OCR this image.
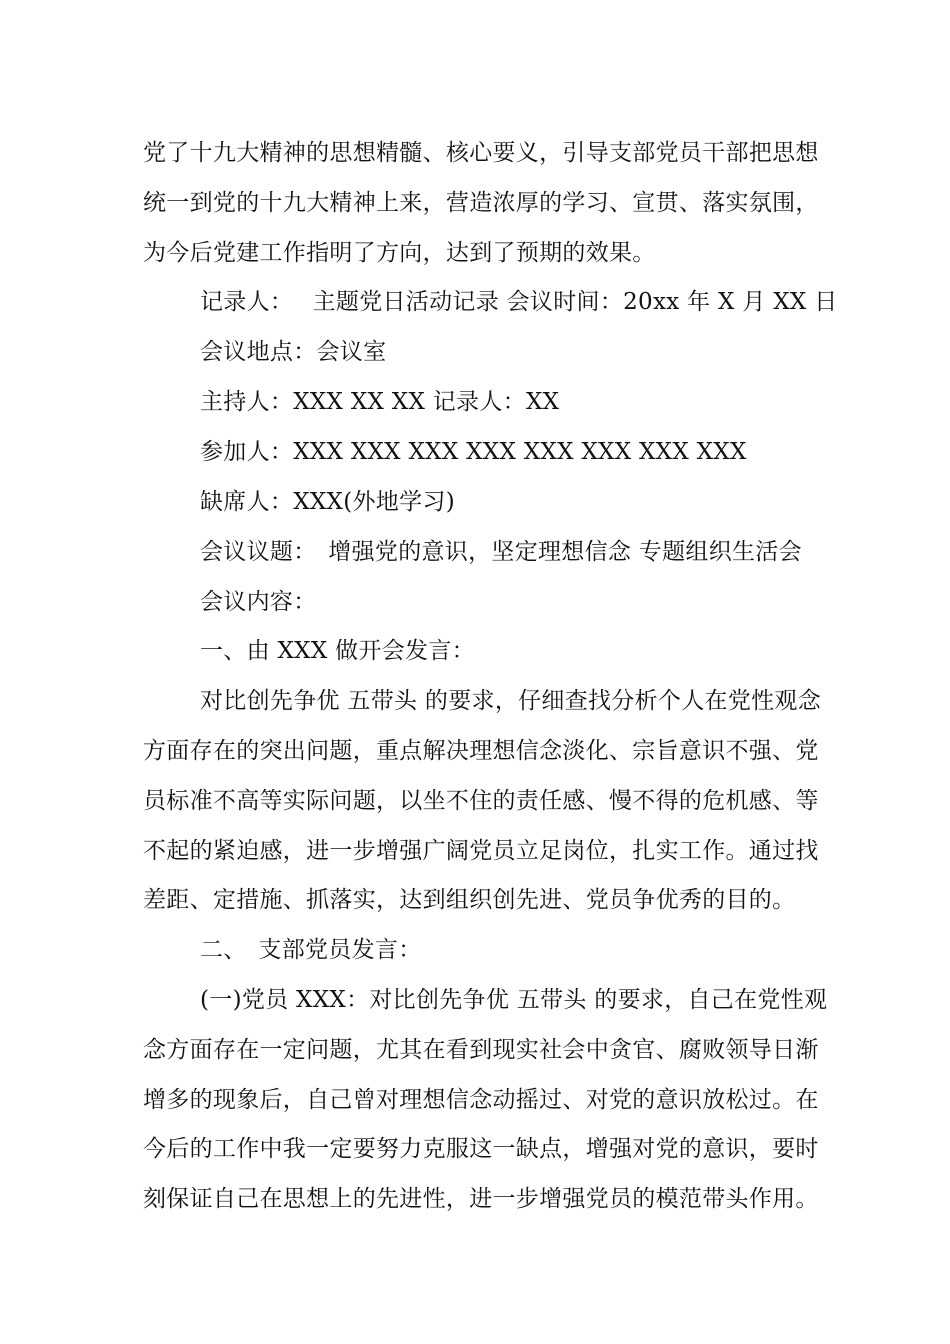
党了十九大精神的思想精髓、核心要义，引导支部党员干部把思想
统一到党的十九大精神上来，营造浓厚的学习、宣贯、落实氛围，
为今后党建工作指明了方向，达到了预期的效果。
记录人：　 主题党日活动记录 会议时间：20xx 年 X 月 XX 日
会议地点：会议室
主持人：XXX XX XX 记录人：XX
参加人：XXX XXX XXX XXX XXX XXX XXX XXX
缺席人：XXX(外地学习)
会议议题：　增强党的意识，坚定理想信念 专题组织生活会
会议内容：
一、由 XXX 做开会发言：
对比创先争优 五带头 的要求，仔细查找分析个人在党性观念
方面存在的突出问题，重点解决理想信念淡化、宗旨意识不强、党
员标准不高等实际问题，以坐不住的责任感、慢不得的危机感、等
不起的紧迫感，进一步增强广阔党员立足岗位，扎实工作。通过找
差距、定措施、抓落实，达到组织创先进、党员争优秀的目的。
二、　支部党员发言：
(一)党员 XXX：对比创先争优 五带头 的要求，自己在党性观
念方面存在一定问题，尤其在看到现实社会中贪官、腐败领导日渐
增多的现象后，自己曾对理想信念动摇过、对党的意识放松过。在
今后的工作中我一定要努力克服这一缺点，增强对党的意识，要时
刻保证自己在思想上的先进性，进一步增强党员的模范带头作用。
